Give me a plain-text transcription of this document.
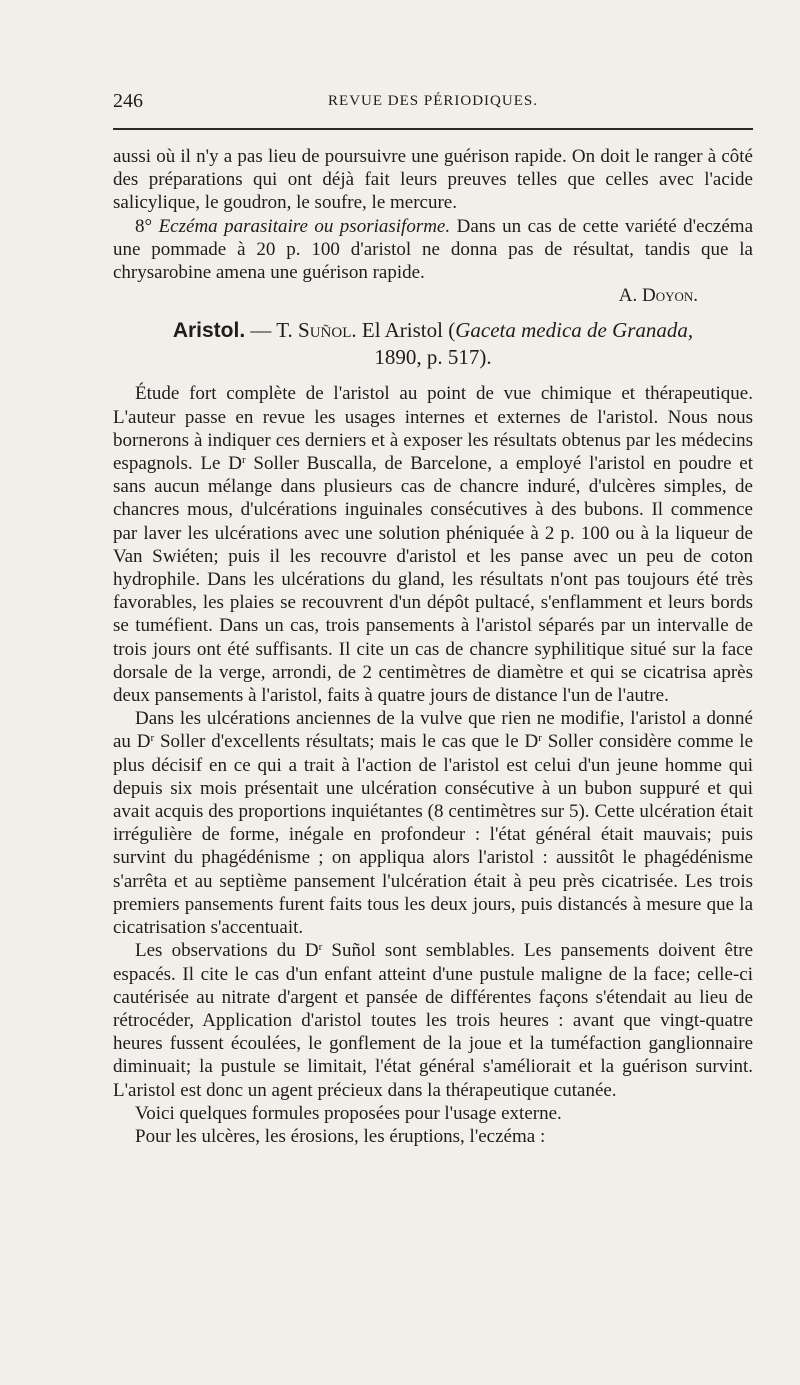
246	REVUE DES PÉRIODIQUES.

aussi où il n'y a pas lieu de poursuivre une guérison rapide. On doit le ranger à côté des préparations qui ont déjà fait leurs preuves telles que celles avec l'acide salicylique, le goudron, le soufre, le mercure.

8° Eczéma parasitaire ou psoriasiforme. Dans un cas de cette variété d'eczéma une pommade à 20 p. 100 d'aristol ne donna pas de résultat, tandis que la chrysarobine amena une guérison rapide.

A. Doyon.

Aristol. — T. Suñol. El Aristol (Gaceta medica de Granada,
1890, p. 517).

Étude fort complète de l'aristol au point de vue chimique et thérapeutique. L'auteur passe en revue les usages internes et externes de l'aristol. Nous nous bornerons à indiquer ces derniers et à exposer les résultats obtenus par les médecins espagnols. Le $D^r$ Soller Buscalla, de Barcelone, a employé l'aristol en poudre et sans aucun mélange dans plusieurs cas de chancre induré, d'ulcères simples, de chancres mous, d'ulcérations inguinales consécutives à des bubons. Il commence par laver les ulcérations avec une solution phéniquée à 2 p. 100 ou à la liqueur de Van Swiéten; puis il les recouvre d'aristol et les panse avec un peu de coton hydrophile. Dans les ulcérations du gland, les résultats n'ont pas toujours été très favorables, les plaies se recouvrent d'un dépôt pultacé, s'enflamment et leurs bords se tuméfient. Dans un cas, trois pansements à l'aristol séparés par un intervalle de trois jours ont été suffisants. Il cite un cas de chancre syphilitique situé sur la face dorsale de la verge, arrondi, de 2 centimètres de diamètre et qui se cicatrisa après deux pansements à l'aristol, faits à quatre jours de distance l'un de l'autre.

Dans les ulcérations anciennes de la vulve que rien ne modifie, l'aristol a donné au $D^r$ Soller d'excellents résultats; mais le cas que le $D^r$ Soller considère comme le plus décisif en ce qui a trait à l'action de l'aristol est celui d'un jeune homme qui depuis six mois présentait une ulcération consécutive à un bubon suppuré et qui avait acquis des proportions inquiétantes (8 centimètres sur 5). Cette ulcération était irrégulière de forme, inégale en profondeur : l'état général était mauvais; puis survint du phagédénisme ; on appliqua alors l'aristol : aussitôt le phagédénisme s'arrêta et au septième pansement l'ulcération était à peu près cicatrisée. Les trois premiers pansements furent faits tous les deux jours, puis distancés à mesure que la cicatrisation s'accentuait.

Les observations du $D^r$ Suñol sont semblables. Les pansements doivent être espacés. Il cite le cas d'un enfant atteint d'une pustule maligne de la face; celle-ci cautérisée au nitrate d'argent et pansée de différentes façons s'étendait au lieu de rétrocéder, Application d'aristol toutes les trois heures : avant que vingt-quatre heures fussent écoulées, le gonflement de la joue et la tuméfaction ganglionnaire diminuait; la pustule se limitait, l'état général s'améliorait et la guérison survint. L'aristol est donc un agent précieux dans la thérapeutique cutanée.

Voici quelques formules proposées pour l'usage externe.

Pour les ulcères, les érosions, les éruptions, l'eczéma :
